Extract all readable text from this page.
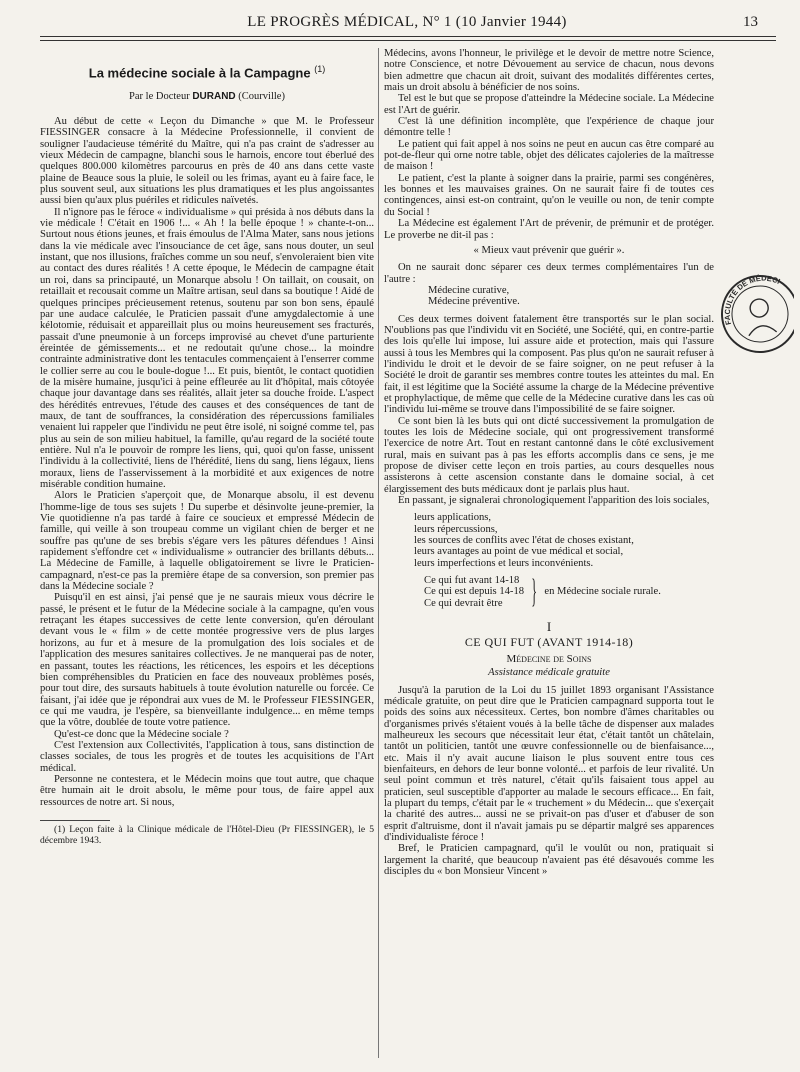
LE PROGRÈS MÉDICAL, N° 1 (10 Janvier 1944)	13

La médecine sociale à la Campagne $^{(1)}$

Par le Docteur DURAND (Courville)

Au début de cette « Leçon du Dimanche » que M. le Professeur FIESSINGER consacre à la Médecine Professionnelle, il convient de souligner l'audacieuse témérité du Maître, qui n'a pas craint de s'adresser au vieux Médecin de campagne, blanchi sous le harnois, encore tout éberlué des quelques 800.000 kilomètres parcourus en près de 40 ans dans cette vaste plaine de Beauce sous la pluie, le soleil ou les frimas, ayant eu à faire face, le plus souvent seul, aux situations les plus dramatiques et les plus angoissantes aussi bien qu'aux plus puériles et ridicules naïvetés.

Il n'ignore pas le féroce « individualisme » qui présida à nos débuts dans la vie médicale ! C'était en 1906 !... « Ah ! la belle époque ! » chante-t-on... Surtout nous étions jeunes, et frais émoulus de l'Alma Mater, sans nous jetions dans la vie médicale avec l'insouciance de cet âge, sans nous douter, un seul instant, que nos illusions, fraîches comme un sou neuf, s'envoleraient bien vite au contact des dures réalités ! A cette époque, le Médecin de campagne était un roi, dans sa principauté, un Monarque absolu ! On taillait, on cousait, on retaillait et recousait comme un Maître artisan, seul dans sa boutique ! Aidé de quelques principes précieusement retenus, soutenu par son bon sens, épaulé par une audace calculée, le Praticien passait d'une amygdalectomie à une kélotomie, réduisait et appareillait plus ou moins heureusement ses fracturés, passait d'une pneumonie à un forceps improvisé au chevet d'une parturiente éreintée de gémissements... et ne redoutait qu'une chose... la moindre contrainte administrative dont les tentacules commençaient à l'enserrer comme le collier serre au cou le boule-dogue !... Et puis, bientôt, le contact quotidien de la misère humaine, jusqu'ici à peine effleurée au lit d'hôpital, mais côtoyée chaque jour davantage dans ses réalités, allait jeter sa douche froide. L'aspect des hérédités entrevues, l'étude des causes et des conséquences de tant de maux, de tant de souffrances, la considération des répercussions familiales venaient lui rappeler que l'individu ne peut être isolé, ni soigné comme tel, pas plus au sein de son milieu habituel, la famille, qu'au regard de la société toute entière. Nul n'a le pouvoir de rompre les liens, qui, quoi qu'on fasse, unissent l'individu à la collectivité, liens de l'hérédité, liens du sang, liens légaux, liens moraux, liens de l'asservissement à la morbidité et aux exigences de notre misérable condition humaine.

Alors le Praticien s'aperçoit que, de Monarque absolu, il est devenu l'homme-lige de tous ses sujets ! Du superbe et désinvolte jeune-premier, la Vie quotidienne n'a pas tardé à faire ce soucieux et empressé Médecin de famille, qui veille à son troupeau comme un vigilant chien de berger et ne souffre pas qu'une de ses brebis s'égare vers les pâtures défendues ! Ainsi rapidement s'effondre cet « individualisme » outrancier des brillants débuts... La Médecine de Famille, à laquelle obligatoirement se livre le Praticien-campagnard, n'est-ce pas la première étape de sa conversion, son premier pas dans la Médecine sociale ?

Puisqu'il en est ainsi, j'ai pensé que je ne saurais mieux vous décrire le passé, le présent et le futur de la Médecine sociale à la campagne, qu'en vous retraçant les étapes successives de cette lente conversion, qu'en déroulant devant vous le « film » de cette montée progressive vers de plus larges horizons, au fur et à mesure de la promulgation des lois sociales et de l'application des mesures sanitaires collectives. Je ne manquerai pas de noter, en passant, toutes les réactions, les réticences, les espoirs et les déceptions bien compréhensibles du Praticien en face des nouveaux problèmes posés, pour tout dire, des sursauts habituels à toute évolution naturelle ou forcée. Ce faisant, j'ai idée que je répondrai aux vues de M. le Professeur FIESSINGER, ce qui me vaudra, je l'espère, sa bienveillante indulgence... en même temps que la vôtre, doublée de toute votre patience.

Qu'est-ce donc que la Médecine sociale ?

C'est l'extension aux Collectivités, l'application à tous, sans distinction de classes sociales, de tous les progrès et de toutes les acquisitions de l'Art médical.

Personne ne contestera, et le Médecin moins que tout autre, que chaque être humain ait le droit absolu, le même pour tous, de faire appel aux ressources de notre art. Si nous,

(1) Leçon faite à la Clinique médicale de l'Hôtel-Dieu (Pr FIESSINGER), le 5 décembre 1943.

Médecins, avons l'honneur, le privilège et le devoir de mettre notre Science, notre Conscience, et notre Dévouement au service de chacun, nous devons bien admettre que chacun ait droit, suivant des modalités différentes certes, mais un droit absolu à bénéficier de nos soins.

Tel est le but que se propose d'atteindre la Médecine sociale. La Médecine est l'Art de guérir.

C'est là une définition incomplète, que l'expérience de chaque jour démontre telle !

Le patient qui fait appel à nos soins ne peut en aucun cas être comparé au pot-de-fleur qui orne notre table, objet des délicates cajoleries de la maîtresse de maison !

Le patient, c'est la plante à soigner dans la prairie, parmi ses congénères, les bonnes et les mauvaises graines. On ne saurait faire fi de toutes ces contingences, ainsi est-on contraint, qu'on le veuille ou non, de tenir compte du Social !

La Médecine est également l'Art de prévenir, de prémunir et de protéger. Le proverbe ne dit-il pas :

« Mieux vaut prévenir que guérir ».

On ne saurait donc séparer ces deux termes complémentaires l'un de l'autre :

Médecine curative,

Médecine préventive.

Ces deux termes doivent fatalement être transportés sur le plan social. N'oublions pas que l'individu vit en Société, une Société, qui, en contre-partie des lois qu'elle lui impose, lui assure aide et protection, mais qui l'assure aussi à tous les Membres qui la composent. Pas plus qu'on ne saurait refuser à l'individu le droit et le devoir de se faire soigner, on ne peut refuser à la Société le droit de garantir ses membres contre toutes les atteintes du mal. En fait, il est légitime que la Société assume la charge de la Médecine préventive et prophylactique, de même que celle de la Médecine curative dans les cas où l'individu lui-même se trouve dans l'impossibilité de se faire soigner.

Ce sont bien là les buts qui ont dicté successivement la promulgation de toutes les lois de Médecine sociale, qui ont progressivement transformé l'exercice de notre Art. Tout en restant cantonné dans le côté exclusivement rural, mais en suivant pas à pas les efforts accomplis dans ce sens, je me propose de diviser cette leçon en trois parties, au cours desquelles nous assisterons à cette ascension constante dans le domaine social, à cet élargissement des buts médicaux dont je parlais plus haut.

En passant, je signalerai chronologiquement l'apparition des lois sociales,

leurs applications,
leurs répercussions,
les sources de conflits avec l'état de choses existant,
leurs avantages au point de vue médical et social,
leurs imperfections et leurs inconvénients.
Ce qui fut avant 14-18
Ce qui est depuis 14-18
Ce qui devrait être } en Médecine sociale rurale.

I

CE QUI FUT (AVANT 1914-18)

Médecine de Soins

Assistance médicale gratuite

Jusqu'à la parution de la Loi du 15 juillet 1893 organisant l'Assistance médicale gratuite, on peut dire que le Praticien campagnard supporta tout le poids des soins aux nécessiteux. Certes, bon nombre d'âmes charitables ou d'organismes privés s'étaient voués à la belle tâche de dispenser aux malades malheureux les secours que nécessitait leur état, c'était tantôt un châtelain, tantôt un politicien, tantôt une œuvre confessionnelle ou de bienfaisance..., etc. Mais il n'y avait aucune liaison le plus souvent entre tous ces bienfaiteurs, en dehors de leur bonne volonté... et parfois de leur rivalité. Un seul point commun et très naturel, c'était qu'ils faisaient tous appel au praticien, seul susceptible d'apporter au malade le secours efficace... En fait, la plupart du temps, c'était par le « truchement » du Médecin... que s'exerçait la charité des autres... aussi ne se privait-on pas d'user et d'abuser de son esprit d'altruisme, dont il n'avait jamais pu se départir malgré ses apparences d'individualiste féroce !

Bref, le Praticien campagnard, qu'il le voulût ou non, pratiquait si largement la charité, que beaucoup n'avaient pas été désavoués comme les disciples du « bon Monsieur Vincent »

FACULTÉ DE MÉDECINE
